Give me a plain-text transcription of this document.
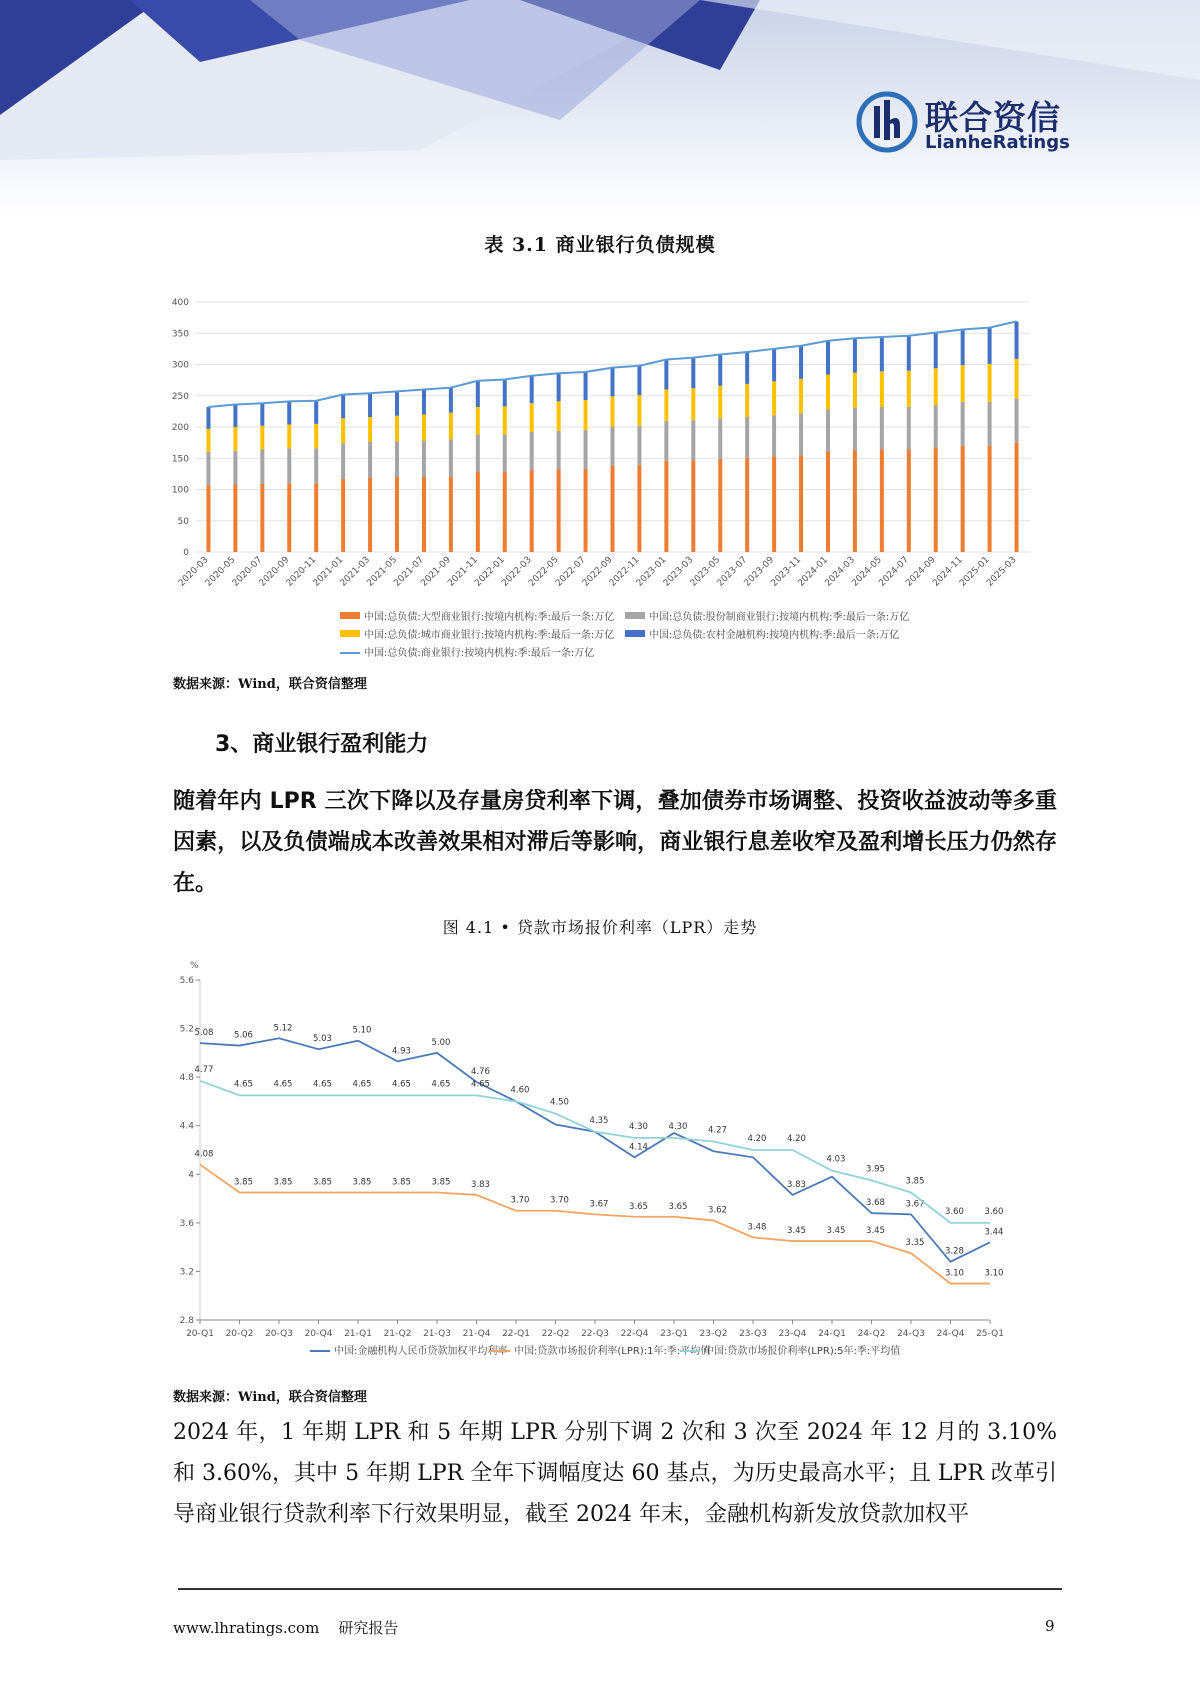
联合资信
LianheRatings
表 3.1 商业银行负债规模
0
50
100
150
200
250
300
350
400
2020-03
2020-05
2020-07
2020-09
2020-11
2021-01
2021-03
2021-05
2021-07
2021-09
2021-11
2022-01
2022-03
2022-05
2022-07
2022-09
2022-11
2023-01
2023-03
2023-05
2023-07
2023-09
2023-11
2024-01
2024-03
2024-05
2024-07
2024-09
2024-11
2025-01
2025-03
中国:总负债:大型商业银行:按境内机构:季:最后一条:万亿	中国:总负债:股份制商业银行:按境内机构:季:最后一条:万亿
中国:总负债:城市商业银行:按境内机构:季:最后一条:万亿	中国:总负债:农村金融机构:按境内机构:季:最后一条:万亿
中国:总负债:商业银行:按境内机构:季:最后一条:万亿
数据来源：Wind，联合资信整理
3、商业银行盈利能力
随着年内 LPR 三次下降以及存量房贷利率下调，叠加债券市场调整、投资收益波动等多重因素，以及负债端成本改善效果相对滞后等影响，商业银行息差收窄及盈利增长压力仍然存在。
图 4.1 • 贷款市场报价利率（LPR）走势
%
2.8
3.2
3.6
4
4.4
4.8
5.2
5.6
20-Q1 20-Q2 20-Q3 20-Q4 21-Q1 21-Q2 21-Q3 21-Q4 22-Q1 22-Q2 22-Q3 22-Q4 23-Q1 23-Q2 23-Q3 23-Q4 24-Q1 24-Q2 24-Q3 24-Q4 25-Q1
5.08 5.06
5.12
5.03
5.10
4.93
5.00
4.76
4.14
3.83
3.68 3.67
3.28
3.44
4.08
3.85 3.85 3.85 3.85 3.85 3.85 3.83
3.70 3.70 3.67 3.65 3.65 3.62
3.48 3.45 3.45 3.45
3.35
3.10 3.10
4.77
4.65 4.65 4.65 4.65 4.65 4.65 4.65
4.60
4.50
4.35
4.30 4.30 4.27
4.20 4.20
4.03
3.95
3.85
3.60 3.60
中国:金融机构人民币贷款加权平均利率 中国:贷款市场报价利率(LPR):1年:季:平均值
中国:贷款市场报价利率(LPR):5年:季:平均值
数据来源：Wind，联合资信整理
2024 年，1 年期 LPR 和 5 年期 LPR 分别下调 2 次和 3 次至 2024 年 12 月的 3.10%和 3.60%，其中 5 年期 LPR 全年下调幅度达 60 基点，为历史最高水平；且 LPR 改革引导商业银行贷款利率下行效果明显，截至 2024 年末，金融机构新发放贷款加权平
www.lhratings.com 研究报告	9
